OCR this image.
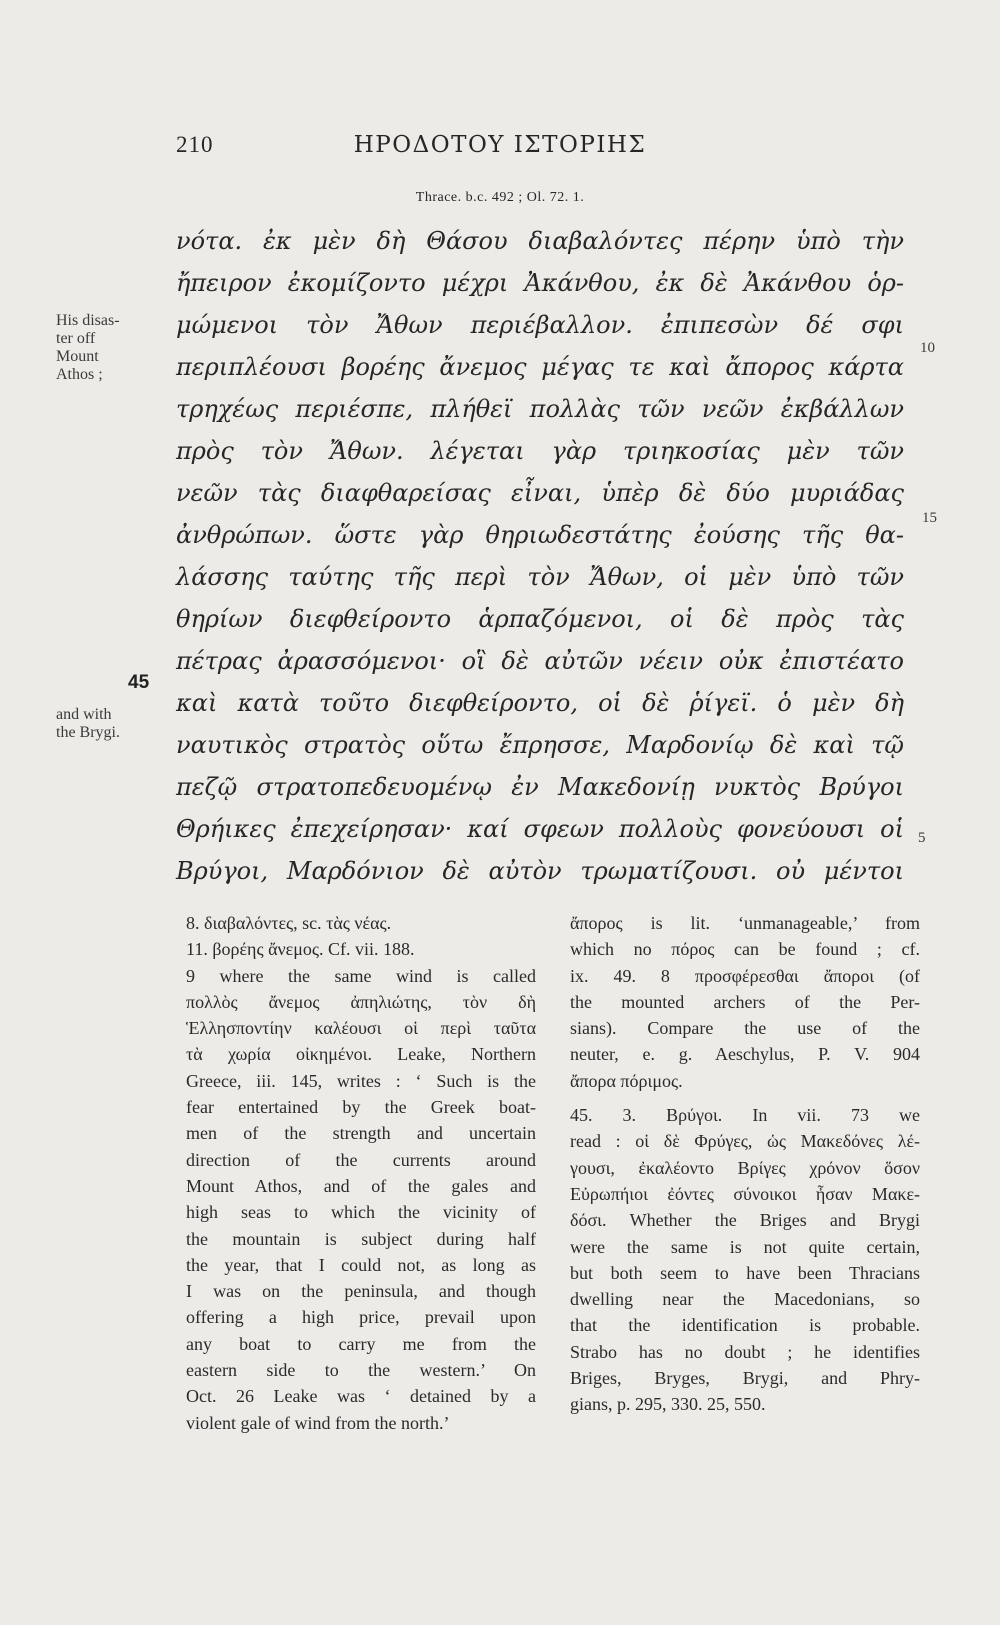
210	ΗΡΟΔΟΤΟΥ ΙΣΤΟΡΙΗΣ
Thrace. b.c. 492 ; Ol. 72. 1.
His disas-
ter off
Mount
Athos ;
and with
the Brygi.
45
10
15
5
νότα. ἐκ μὲν δὴ Θάσου διαβαλόντες πέρην ὑπὸ τὴν
ἤπειρον ἐκομίζοντο μέχρι Ἀκάνθου, ἐκ δὲ Ἀκάνθου ὁρ-
μώμενοι τὸν Ἄθων περιέβαλλον. ἐπιπεσὼν δέ σφι
περιπλέουσι βορέης ἄνεμος μέγας τε καὶ ἄπορος κάρτα
τρηχέως περιέσπε, πλήθεϊ πολλὰς τῶν νεῶν ἐκβάλλων
πρὸς τὸν Ἄθων. λέγεται γὰρ τριηκοσίας μὲν τῶν
νεῶν τὰς διαφθαρείσας εἶναι, ὑπὲρ δὲ δύο μυριάδας
ἀνθρώπων. ὥστε γὰρ θηριωδεστάτης ἐούσης τῆς θα-
λάσσης ταύτης τῆς περὶ τὸν Ἄθων, οἱ μὲν ὑπὸ τῶν
θηρίων διεφθείροντο ἁρπαζόμενοι, οἱ δὲ πρὸς τὰς
πέτρας ἀρασσόμενοι· οἳ δὲ αὐτῶν νέειν οὐκ ἐπιστέατο
καὶ κατὰ τοῦτο διεφθείροντο, οἱ δὲ ῥίγεϊ. ὁ μὲν δὴ
ναυτικὸς στρατὸς οὕτω ἔπρησσε, Μαρδονίῳ δὲ καὶ τῷ
πεζῷ στρατοπεδευομένῳ ἐν Μακεδονίῃ νυκτὸς Βρύγοι
Θρήικες ἐπεχείρησαν· καί σφεων πολλοὺς φονεύουσι οἱ
Βρύγοι, Μαρδόνιον δὲ αὐτὸν τρωματίζουσι. οὐ μέντοι
8. διαβαλόντες, sc. τὰς νέας.
11. βορέης ἄνεμος. Cf. vii. 188.
9 where the same wind is called
πολλὸς ἄνεμος ἀπηλιώτης, τὸν δὴ
Ἑλλησποντίην καλέουσι οἱ περὶ ταῦτα
τὰ χωρία οἰκημένοι. Leake, Northern
Greece, iii. 145, writes : ‘ Such is the
fear entertained by the Greek boat-
men of the strength and uncertain
direction of the currents around
Mount Athos, and of the gales and
high seas to which the vicinity of
the mountain is subject during half
the year, that I could not, as long as
I was on the peninsula, and though
offering a high price, prevail upon
any boat to carry me from the
eastern side to the western.’ On
Oct. 26 Leake was ‘ detained by a
violent gale of wind from the north.’
ἄπορος is lit. ‘unmanageable,’ from
which no πόρος can be found ; cf.
ix. 49. 8 προσφέρεσθαι ἄποροι (of
the mounted archers of the Per-
sians). Compare the use of the
neuter, e. g. Aeschylus, P. V. 904
ἄπορα πόριμος.
45. 3. Βρύγοι. In vii. 73 we
read : οἱ δὲ Φρύγες, ὡς Μακεδόνες λέ-
γουσι, ἐκαλέοντο Βρίγες χρόνον ὅσον
Εὐρωπήιοι ἐόντες σύνοικοι ἦσαν Μακε-
δόσι. Whether the Briges and Brygi
were the same is not quite certain,
but both seem to have been Thracians
dwelling near the Macedonians, so
that the identification is probable.
Strabo has no doubt ; he identifies
Briges, Bryges, Brygi, and Phry-
gians, p. 295, 330. 25, 550.
